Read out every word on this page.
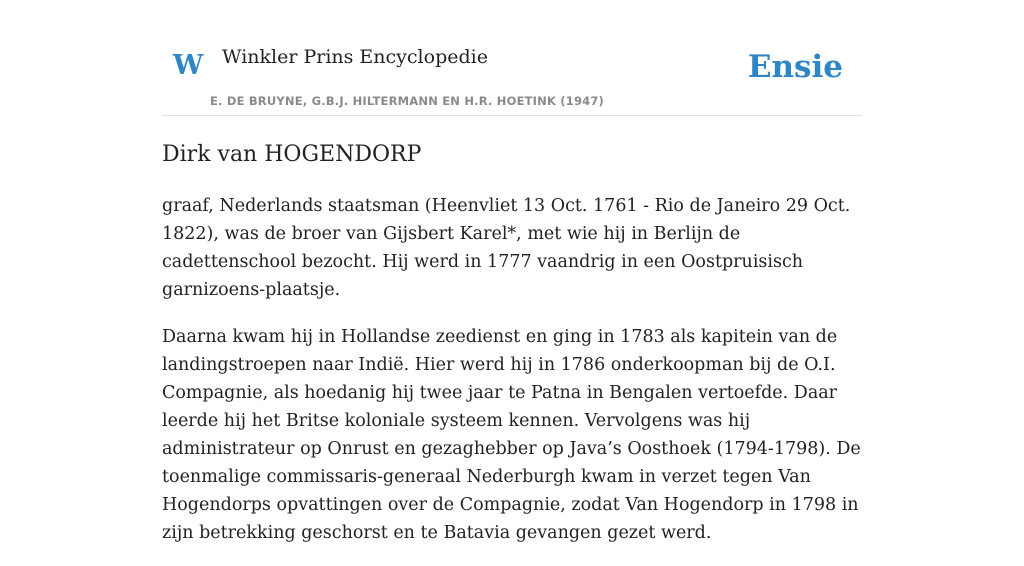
W Winkler Prins Encyclopedie
E. DE BRUYNE, G.B.J. HILTERMANN EN H.R. HOETINK (1947)
Ensie
Dirk van HOGENDORP

graaf, Nederlands staatsman (Heenvliet 13 Oct. 1761 - Rio de Janeiro 29 Oct. 1822), was de broer van Gijsbert Karel*, met wie hij in Berlijn de cadettenschool bezocht. Hij werd in 1777 vaandrig in een Oostpruisisch garnizoens-plaatsje.

Daarna kwam hij in Hollandse zeedienst en ging in 1783 als kapitein van de landingstroepen naar Indië. Hier werd hij in 1786 onderkoopman bij de O.I. Compagnie, als hoedanig hij twee jaar te Patna in Bengalen vertoefde. Daar leerde hij het Britse koloniale systeem kennen. Vervolgens was hij administrateur op Onrust en gezaghebber op Java’s Oosthoek (1794-1798). De toenmalige commissaris-generaal Nederburgh kwam in verzet tegen Van Hogendorps opvattingen over de Compagnie, zodat Van Hogendorp in 1798 in zijn betrekking geschorst en te Batavia gevangen gezet werd.
